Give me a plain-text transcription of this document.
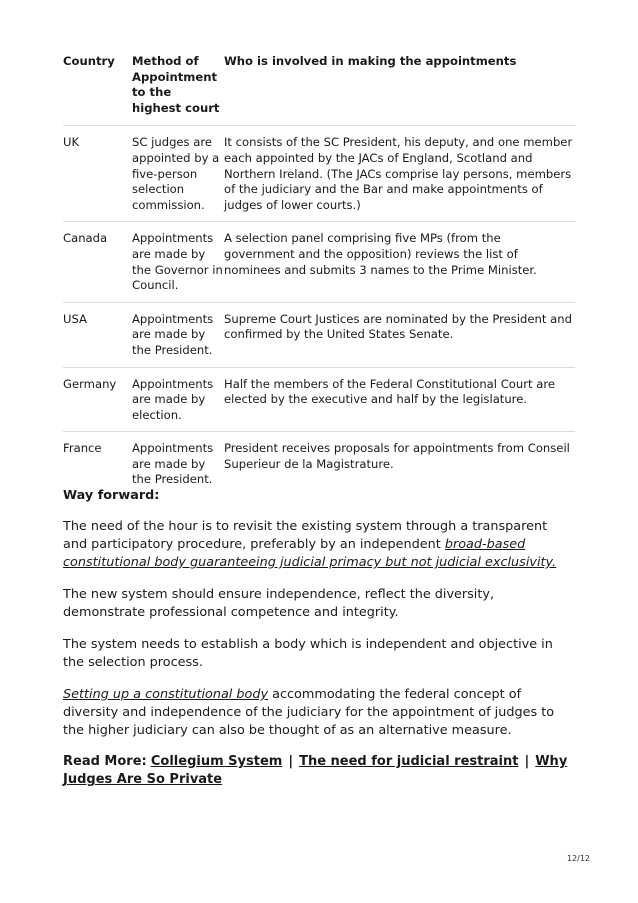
Country	Method of Appointment to the highest court	Who is involved in making the appointments
UK	SC judges are appointed by a five-person selection commission.	It consists of the SC President, his deputy, and one member each appointed by the JACs of England, Scotland and Northern Ireland. (The JACs comprise lay persons, members of the judiciary and the Bar and make appointments of judges of lower courts.)
Canada	Appointments are made by the Governor in Council.	A selection panel comprising five MPs (from the government and the opposition) reviews the list of nominees and submits 3 names to the Prime Minister.
USA	Appointments are made by the President.	Supreme Court Justices are nominated by the President and confirmed by the United States Senate.
Germany	Appointments are made by election.	Half the members of the Federal Constitutional Court are elected by the executive and half by the legislature.
France	Appointments are made by the President.	President receives proposals for appointments from Conseil Superieur de la Magistrature.
Way forward:

The need of the hour is to revisit the existing system through a transparent and participatory procedure, preferably by an independent broad-based constitutional body guaranteeing judicial primacy but not judicial exclusivity.

The new system should ensure independence, reflect the diversity, demonstrate professional competence and integrity.

The system needs to establish a body which is independent and objective in the selection process.

Setting up a constitutional body accommodating the federal concept of diversity and independence of the judiciary for the appointment of judges to the higher judiciary can also be thought of as an alternative measure.

Read More: Collegium System | The need for judicial restraint | Why Judges Are So Private

12/12
